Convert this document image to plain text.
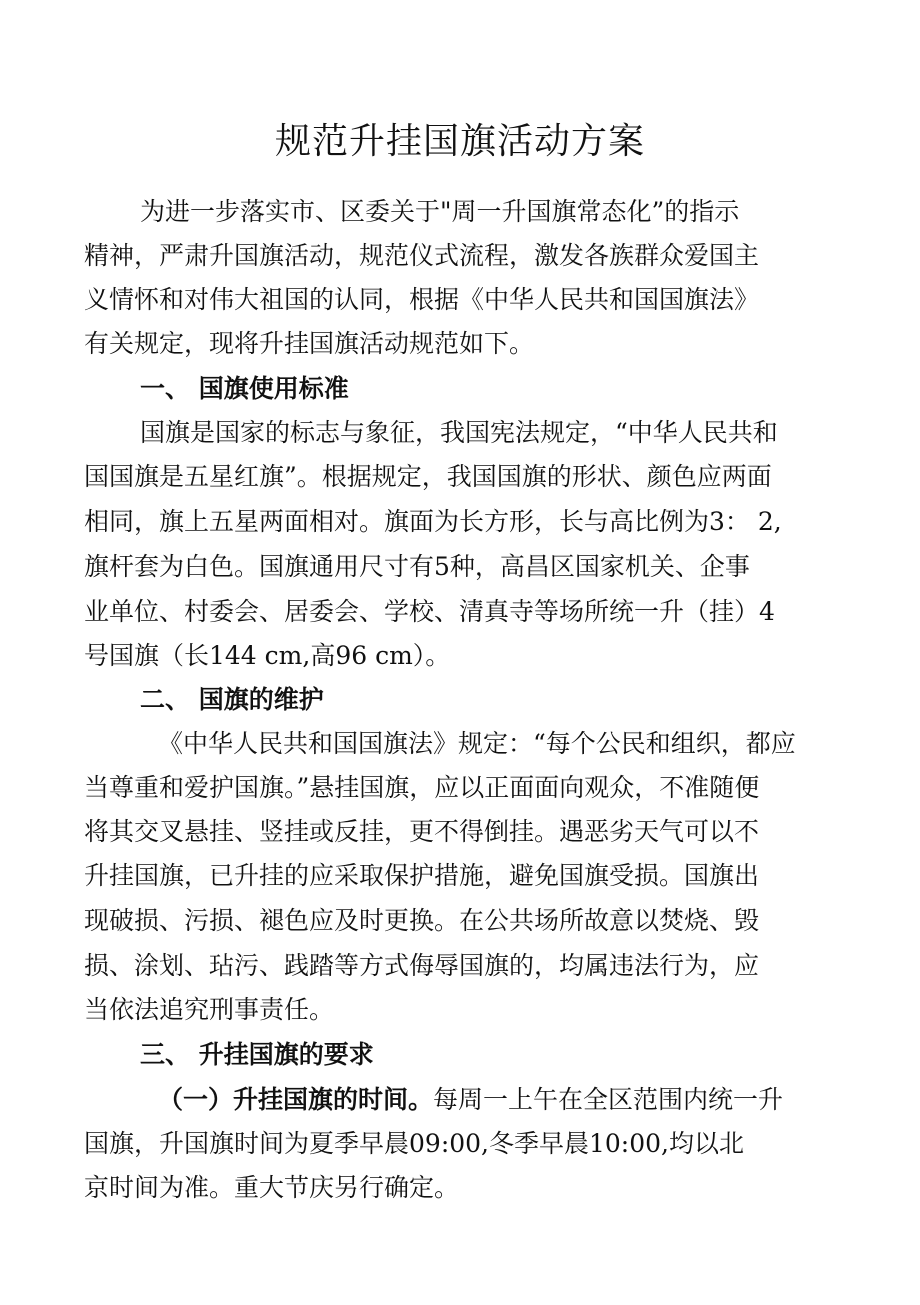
规范升挂国旗活动方案
为进一步落实市、区委关于"周一升国旗常态化”的指示
精神，严肃升国旗活动，规范仪式流程，激发各族群众爱国主
义情怀和对伟大祖国的认同，根据《中华人民共和国国旗法》
有关规定，现将升挂国旗活动规范如下。
一、 国旗使用标准
国旗是国家的标志与象征，我国宪法规定，“中华人民共和
国国旗是五星红旗”。根据规定，我国国旗的形状、颜色应两面
相同，旗上五星两面相对。旗面为长方形，长与高比例为3： 2,
旗杆套为白色。国旗通用尺寸有5种，高昌区国家机关、企事
业单位、村委会、居委会、学校、清真寺等场所统一升（挂）4
号国旗（长144 cm,高96 cm）。
二、 国旗的维护
《中华人民共和国国旗法》规定：“每个公民和组织，都应
当尊重和爱护国旗。”悬挂国旗，应以正面面向观众，不准随便
将其交叉悬挂、竖挂或反挂，更不得倒挂。遇恶劣天气可以不
升挂国旗，已升挂的应采取保护措施，避免国旗受损。国旗出
现破损、污损、褪色应及时更换。在公共场所故意以焚烧、毁
损、涂划、玷污、践踏等方式侮辱国旗的，均属违法行为，应
当依法追究刑事责任。
三、 升挂国旗的要求
（一）升挂国旗的时间。每周一上午在全区范围内统一升
国旗，升国旗时间为夏季早晨09:00,冬季早晨10:00,均以北
京时间为准。重大节庆另行确定。
